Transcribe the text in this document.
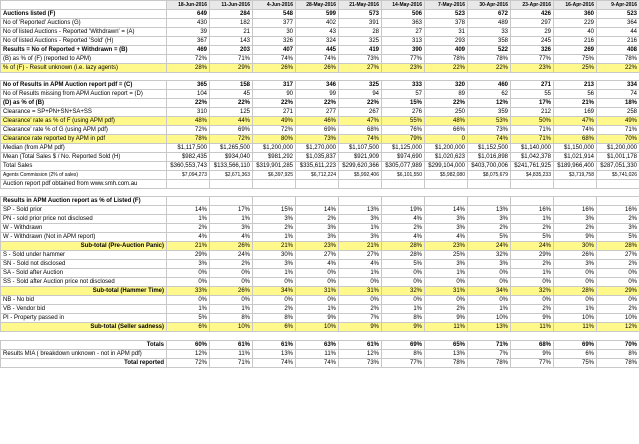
	18-Jun-2016	11-Jun-2016	4-Jun-2016	28-May-2016	21-May-2016	14-May-2016	7-May-2016	30-Apr-2016	23-Apr-2016	16-Apr-2016	9-Apr-2016	
Auctions listed (F)	649	284	548	599	573	506	523	672	426	360	523	
No of 'Reported' Auctions (G)	430	182	377	402	391	363	378	489	297	229	364	
No of listed Auctions - Reported 'Withdrawn' = (A)	39	21	30	43	28	27	31	33	29	40	44	
No of listed Auctions - Reported 'Sold' (H)	367	143	326	324	325	313	293	358	245	216	216	
Results = No of Reported + Withdrawn = (B)	469	203	407	445	419	390	409	522	326	269	408	
(B) as % of (F) (reported to APM)	72%	71%	74%	74%	73%	77%	78%	78%	77%	75%	78%	
% of (F) - Result unknown (i.e. lazy agents)	28%	29%	26%	26%	27%	23%	22%	22%	23%	25%	22%	

No of Results in APM Auction report pdf = (C)	365	158	317	346	325	333	320	460	271	213	334	
No of Results missing from APM Auction report = (D)	104	45	90	99	94	57	89	62	55	56	74	
(D) as % of (B)	22%	22%	22%	22%	22%	15%	22%	12%	17%	21%	18%	
Clearance = SP+PN+SN+SA+SS	310	125	271	277	267	276	250	359	212	169	258	
Clearance' rate as % of F (using APM pdf)	48%	44%	49%	46%	47%	55%	48%	53%	50%	47%	49%	
Clearance' rate % of G (using APM pdf)	72%	69%	72%	69%	68%	76%	66%	73%	71%	74%	71%	
Clearance rate reported by APM in pdf	78%	72%	80%	73%	74%	79%	0	74%	71%	68%	70%	
Median (from APM pdf)	$1,117,500	$1,265,500	$1,200,000	$1,270,000	$1,107,500	$1,125,000	$1,200,000	$1,152,500	$1,140,000	$1,150,000	$1,200,000	
Mean (Total Sales $ / No. Reported Sold (H)	$982,435	$934,040	$981,292	$1,035,837	$921,909	$974,690	$1,020,623	$1,016,898	$1,042,378	$1,021,914	$1,001,178	
Total Sales	$360,553,743	$133,566,110	$319,901,285	$335,611,223	$299,620,366	$305,077,989	$299,104,000	$403,700,006	$241,761,925	$189,966,400	$287,051,330	
Agents Commission (2% of sales)	$7,094,273	$2,671,363	$6,397,925	$6,712,224	$5,992,406	$6,101,550	$5,982,080	$8,075,679	$4,835,233	$3,719,758	$5,741,026	
Auction report pdf obtained from www.smh.com.au												

Results in APM Auction report as % of Listed (F)												
SP - Sold prior	14%	17%	15%	14%	13%	19%	14%	13%	16%	16%	16%	
PN - sold prior price not disclosed	1%	1%	3%	2%	3%	4%	3%	3%	1%	3%	2%	
W - Withdrawn	2%	3%	2%	3%	1%	2%	3%	2%	2%	2%	3%	
W - Withdrawn (Not in APM report)	4%	4%	1%	3%	3%	4%	4%	5%	5%	9%	5%	
Sub-total (Pre-Auction Panic)	21%	26%	21%	23%	21%	28%	23%	24%	24%	30%	28%	
S - Sold under hammer	29%	24%	30%	27%	27%	28%	25%	32%	29%	26%	27%	
SN - Sold not disclosed	3%	2%	3%	4%	4%	5%	3%	3%	2%	3%	2%	
SA - Sold after Auction	0%	0%	1%	0%	1%	0%	1%	0%	1%	0%	0%	
SS - Sold after Auction price not disclosed	0%	0%	0%	0%	0%	0%	0%	0%	0%	0%	0%	
Sub-total (Hammer Time)	33%	26%	34%	31%	31%	32%	31%	34%	32%	28%	29%	
NB - No bid	0%	0%	0%	0%	0%	0%	0%	0%	0%	0%	0%	
VB - Vendor bid	1%	1%	2%	1%	2%	1%	2%	1%	2%	1%	2%	
PI - Property passed in	5%	8%	8%	9%	7%	8%	9%	10%	9%	10%	10%	
Sub-total (Seller sadness)	6%	10%	6%	10%	9%	9%	11%	13%	11%	11%	12%	

Totals	60%	61%	61%	63%	61%	69%	65%	71%	68%	69%	70%	
Results MIA ( breakdown unknown - not in APM pdf)	12%	11%	13%	11%	12%	8%	13%	7%	9%	6%	8%	
Total reported	72%	71%	74%	74%	73%	77%	78%	78%	77%	75%	78%	
